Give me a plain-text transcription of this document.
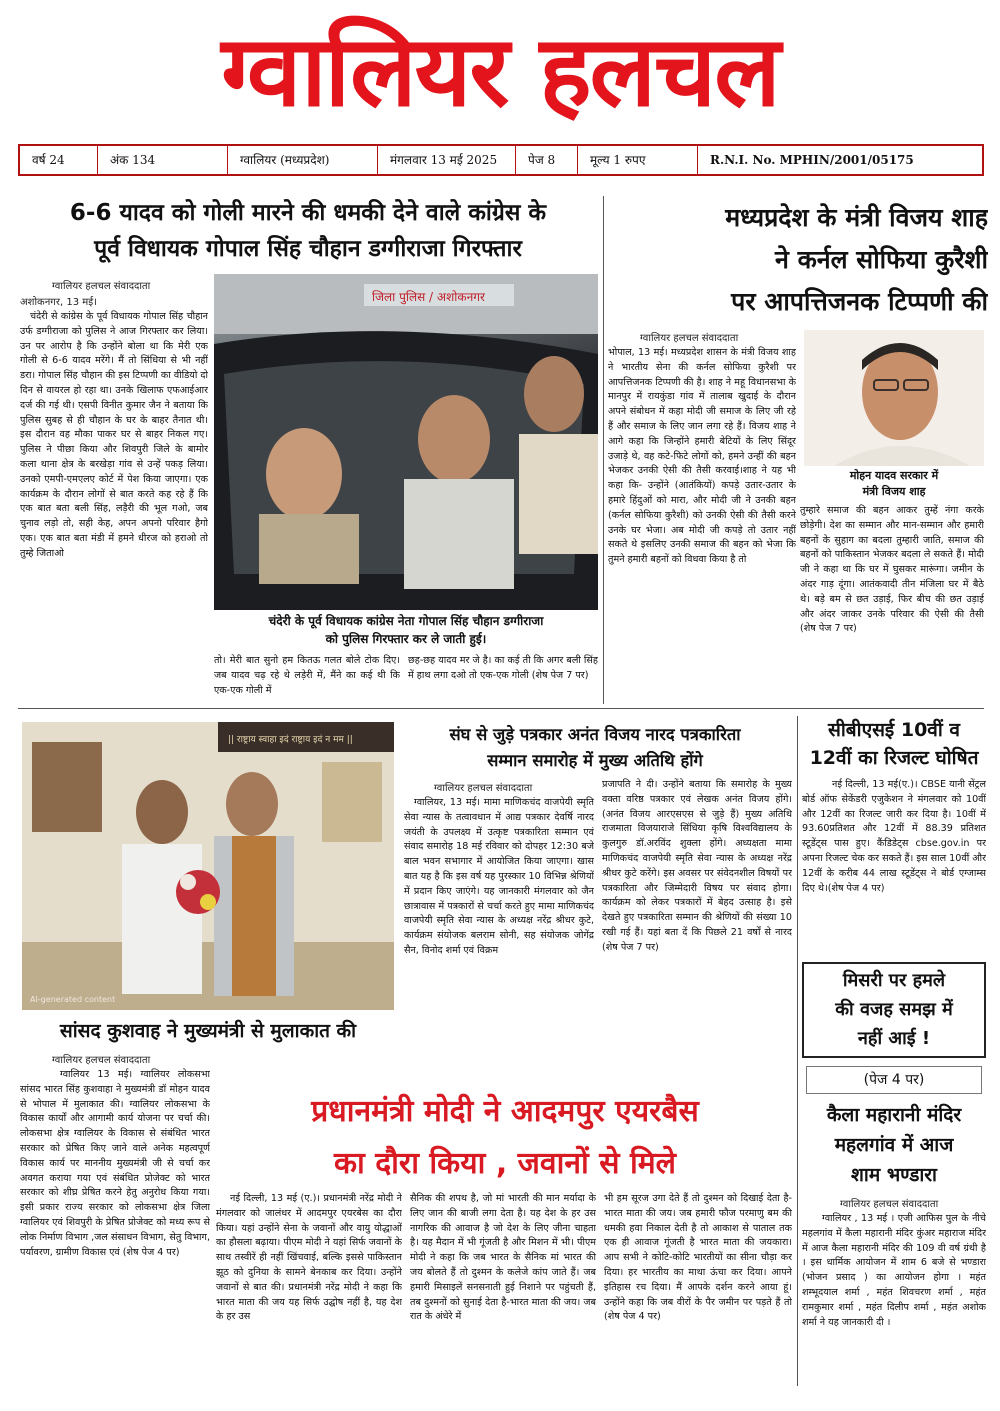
ग्वालियर हलचल
वर्ष 24	अंक 134	ग्वालियर (मध्यप्रदेश)	मंगलवार 13 मई 2025	पेज 8	मूल्य 1 रुपए	R.N.I. No. MPHIN/2001/05175
6-6 यादव को गोली मारने की धमकी देने वाले कांग्रेस के
पूर्व विधायक गोपाल सिंह चौहान डग्गीराजा गिरफ्तार
ग्वालियर हलचल संवाददाता
अशोकनगर, 13 मई।
चंदेरी से कांग्रेस के पूर्व विधायक गोपाल सिंह चौहान उर्फ डग्गीराजा को पुलिस ने आज गिरफ्तार कर लिया। उन पर आरोप है कि उन्होंने बोला था कि मेरी एक गोली से 6-6 यादव मरेंगे। मैं तो सिंधिया से भी नहीं डरा। गोपाल सिंह चौहान की इस टिप्पणी का वीडियो दो दिन से वायरल हो रहा था। उनके खिलाफ एफआईआर दर्ज की गई थी। एसपी विनीत कुमार जैन ने बताया कि पुलिस सुबह से ही चौहान के घर के बाहर तैनात थी। इस दौरान वह मौका पाकर घर से बाहर निकल गए। पुलिस ने पीछा किया और शिवपुरी जिले के बामोर कला थाना क्षेत्र के बरखेड़ा गांव से उन्हें पकड़ लिया। उनको एमपी-एमएलए कोर्ट में पेश किया जाएगा। एक कार्यक्रम के दौरान लोगों से बात करते कह रहे हैं कि एक बात बता बली सिंह, लड़ैरी की भूल गओ, जब चुनाव लड़ो तो, सही केह, अपन अपनो परिवार हैगो एक। एक बात बता मंडी में हमने धीरज को हराओ तो तुम्हे जिताओ
जिला पुलिस / अशोकनगर
चंदेरी के पूर्व विधायक कांग्रेस नेता गोपाल सिंह चौहान डग्गीराजा
को पुलिस गिरफ्तार कर ले जाती हुई।
तो। मेरी बात सुनो हम कितऊ गलत बोले टोक दिए।जब यादव चढ़ रहे थे लड़ेरी में, मैंने का कई थी कि एक-एक गोली में
छह-छह यादव मर जे है। का कई ती कि अगर बली सिंह में हाथ लगा दओ तो एक-एक गोली (शेष पेज 7 पर)
मध्यप्रदेश के मंत्री विजय शाह
ने कर्नल सोफिया कुरैशी
पर आपत्तिजनक टिप्पणी की
ग्वालियर हलचल संवाददाता
भोपाल, 13 मई। मध्यप्रदेश शासन के मंत्री विजय शाह ने भारतीय सेना की कर्नल सोफिया कुरैशी पर आपत्तिजनक टिप्पणी की है। शाह ने महू विधानसभा के मानपुर में रायकुंडा गांव में तालाब खुदाई के दौरान अपने संबोधन में कहा मोदी जी समाज के लिए जी रहे हैं और समाज के लिए जान लगा रहे हैं। विजय शाह ने आगे कहा कि जिन्होंने हमारी बेटियों के लिए सिंदूर उजाड़े थे, वह कटे-फिटे लोगों को, हमने उन्हीं की बहन भेजकर उनकी ऐसी की तैसी करवाई।शाह ने यह भी कहा कि- उन्होंने (आतंकियों) कपड़े उतार-उतार के हमारे हिंदुओं को मारा, और मोदी जी ने उनकी बहन (कर्नल सोफिया कुरैशी) को उनकी ऐसी की तैसी करने उनके घर भेजा। अब मोदी जी कपड़े तो उतार नहीं सकते थे इसलिए उनकी समाज की बहन को भेजा कि तुमने हमारी बहनों को विधवा किया है तो
मोहन यादव सरकार में
मंत्री विजय शाह
तुम्हारे समाज की बहन आकर तुम्हें नंगा करके छोड़ेगी। देश का सम्मान और मान-सम्मान और हमारी बहनों के सुहाग का बदला तुम्हारी जाति, समाज की बहनों को पाकिस्तान भेजकर बदला ले सकते हैं। मोदी जी ने कहा था कि घर में घुसकर मारूंगा। जमीन के अंदर गाड़ दूंगा। आतंकवादी तीन मंजिला घर में बैठे थे। बड़े बम से छत उड़ाई, फिर बीच की छत उड़ाई और अंदर जाकर उनके परिवार की ऐसी की तैसी (शेष पेज 7 पर)
|| राष्ट्राय स्वाहा इदं राष्ट्राय इदं न मम ||
AI-generated content
सांसद कुशवाह ने मुख्यमंत्री से मुलाकात की
ग्वालियर हलचल संवाददाता
ग्वालियर 13 मई। ग्वालियर लोकसभा सांसद भारत सिंह कुशवाहा ने मुख्यमंत्री डॉ मोहन यादव से भोपाल में मुलाकात की। ग्वालियर लोकसभा के विकास कार्यों और आगामी कार्य योजना पर चर्चा की। लोकसभा क्षेत्र ग्वालियर के विकास से संबंधित भारत सरकार को प्रेषित किए जाने वाले अनेक महत्वपूर्ण विकास कार्य पर माननीय मुख्यमंत्री जी से चर्चा कर अवगत कराया गया एवं संबंधित प्रोजेक्ट को भारत सरकार को शीघ्र प्रेषित करने हेतु अनुरोध किया गया।इसी प्रकार राज्य सरकार को लोकसभा क्षेत्र जिला ग्वालियर एवं शिवपुरी के प्रेषित प्रोजेक्ट को मध्य रूप से लोक निर्माण विभाग ,जल संसाधन विभाग, सेतु विभाग, पर्यावरण, ग्रामीण विकास एवं (शेष पेज 4 पर)
संघ से जुड़े पत्रकार अनंत विजय नारद पत्रकारिता
सम्मान समारोह में मुख्य अतिथि होंगे
ग्वालियर हलचल संवाददाता
ग्वालियर, 13 मई। मामा माणिकचंद वाजपेयी स्मृति सेवा न्यास के तत्वावधान में आद्य पत्रकार देवर्षि नारद जयंती के उपलक्ष्य में उत्कृष्ट पत्रकारिता सम्मान एवं संवाद समारोह 18 मई रविवार को दोपहर 12:30 बजे बाल भवन सभागार में आयोजित किया जाएगा। खास बात यह है कि इस वर्ष यह पुरस्कार 10 विभिन्न श्रेणियों में प्रदान किए जाएंगे। यह जानकारी मंगलवार को जैन छात्रावास में पत्रकारों से चर्चा करते हुए मामा माणिकचंद वाजपेयी स्मृति सेवा न्यास के अध्यक्ष नरेंद्र श्रीधर कुटे, कार्यक्रम संयोजक बलराम सोनी, सह संयोजक जोगेंद्र सैन, विनोद शर्मा एवं विक्रम
प्रजापति ने दी। उन्होंने बताया कि समारोह के मुख्य वक्ता वरिष्ठ पत्रकार एवं लेखक अनंत विजय होंगे। (अनंत विजय आरएसएस से जुड़े हैं) मुख्य अतिथि राजमाता विजयाराजे सिंधिया कृषि विश्वविद्यालय के कुलगुरु डॉ.अरविंद शुक्ला होंगे। अध्यक्षता मामा माणिकचंद वाजपेयी स्मृति सेवा न्यास के अध्यक्ष नरेंद्र श्रीधर कुटे करेंगे। इस अवसर पर संवेदनशील विषयों पर पत्रकारिता और जिम्मेदारी विषय पर संवाद होगा। कार्यक्रम को लेकर पत्रकारों में बेहद उत्साह है। इसे देखते हुए पत्रकारिता सम्मान की श्रेणियों की संख्या 10 रखी गई हैं। यहां बता दें कि पिछले 21 वर्षों से नारद (शेष पेज 7 पर)
सीबीएसई 10वीं व
12वीं का रिजल्ट घोषित
नई दिल्ली, 13 मई(ए.)। CBSE यानी सेंट्रल बोर्ड ऑफ सेकेंडरी एजुकेशन ने मंगलवार को 10वीं और 12वीं का रिजल्ट जारी कर दिया है। 10वीं में 93.60प्रतिशत और 12वीं में 88.39 प्रतिशत स्टूडेंट्स पास हुए। कैंडिडेट्स cbse.gov.in पर अपना रिजल्ट चेक कर सकते हैं। इस साल 10वीं और 12वीं के करीब 44 लाख स्टूडेंट्स ने बोर्ड एग्जाम्स दिए थे।(शेष पेज 4 पर)
मिसरी पर हमले
की वजह समझ में
नहीं आई !
(पेज 4 पर)
प्रधानमंत्री मोदी ने आदमपुर एयरबैस
का दौरा किया , जवानों से मिले
नई दिल्ली, 13 मई (ए.)। प्रधानमंत्री नरेंद्र मोदी ने मंगलवार को जालंधर में आदमपुर एयरबेस का दौरा किया। यहां उन्होंने सेना के जवानों और वायु योद्धाओं का हौसला बढ़ाया। पीएम मोदी ने यहां सिर्फ जवानों के साथ तस्वीरें ही नहीं खिंचवाई, बल्कि इससे पाकिस्तान झूठ को दुनिया के सामने बेनकाब कर दिया। उन्होंने जवानों से बात की। प्रधानमंत्री नरेंद्र मोदी ने कहा कि भारत माता की जय यह सिर्फ उद्घोष नहीं है, यह देश के हर उस
सैनिक की शपथ है, जो मां भारती की मान मर्यादा के लिए जान की बाजी लगा देता है। यह देश के हर उस नागरिक की आवाज है जो देश के लिए जीना चाहता है। यह मैदान में भी गूंजती है और मिशन में भी। पीएम मोदी ने कहा कि जब भारत के सैनिक मां भारत की जय बोलते हैं तो दुश्मन के कलेजे कांप जाते हैं। जब हमारी मिसाइलें सनसनाती हुई निशाने पर पहुंचती हैं, तब दुश्मनों को सुनाई देता है-भारत माता की जय। जब रात के अंधेरे में
भी हम सूरज उगा देते हैं तो दुश्मन को दिखाई देता है- भारत माता की जय। जब हमारी फौज परमाणु बम की धमकी हवा निकाल देती है तो आकाश से पाताल तक एक ही आवाज गूंजती है भारत माता की जयकारा। आप सभी ने कोटि-कोटि भारतीयों का सीना चौड़ा कर दिया। हर भारतीय का माथा ऊंचा कर दिया। आपने इतिहास रच दिया। मैं आपके दर्शन करने आया हूं। उन्होंने कहा कि जब वीरों के पैर जमीन पर पड़ते हैं तो (शेष पेज 4 पर)
कैला महारानी मंदिर
महलगांव में आज
शाम भण्डारा
ग्वालियर हलचल संवाददाता
ग्वालियर , 13 मई । एजी आफिस पुल के नीचे महलगांव में कैला महारानी मंदिर कुंअर महाराज मंदिर में आज कैला महारानी मंदिर की 109 वी वर्ष ग्रंथी है । इस धार्मिक आयोजन में शाम 6 बजे से भण्डारा (भोजन प्रसाद ) का आयोजन होगा । महंत शम्भूदयाल शर्मा , महंत शिवचरण शर्मा , महंत रामकुमार शर्मा , महंत दिलीप शर्मा , महंत अशोक शर्मा ने यह जानकारी दी ।
